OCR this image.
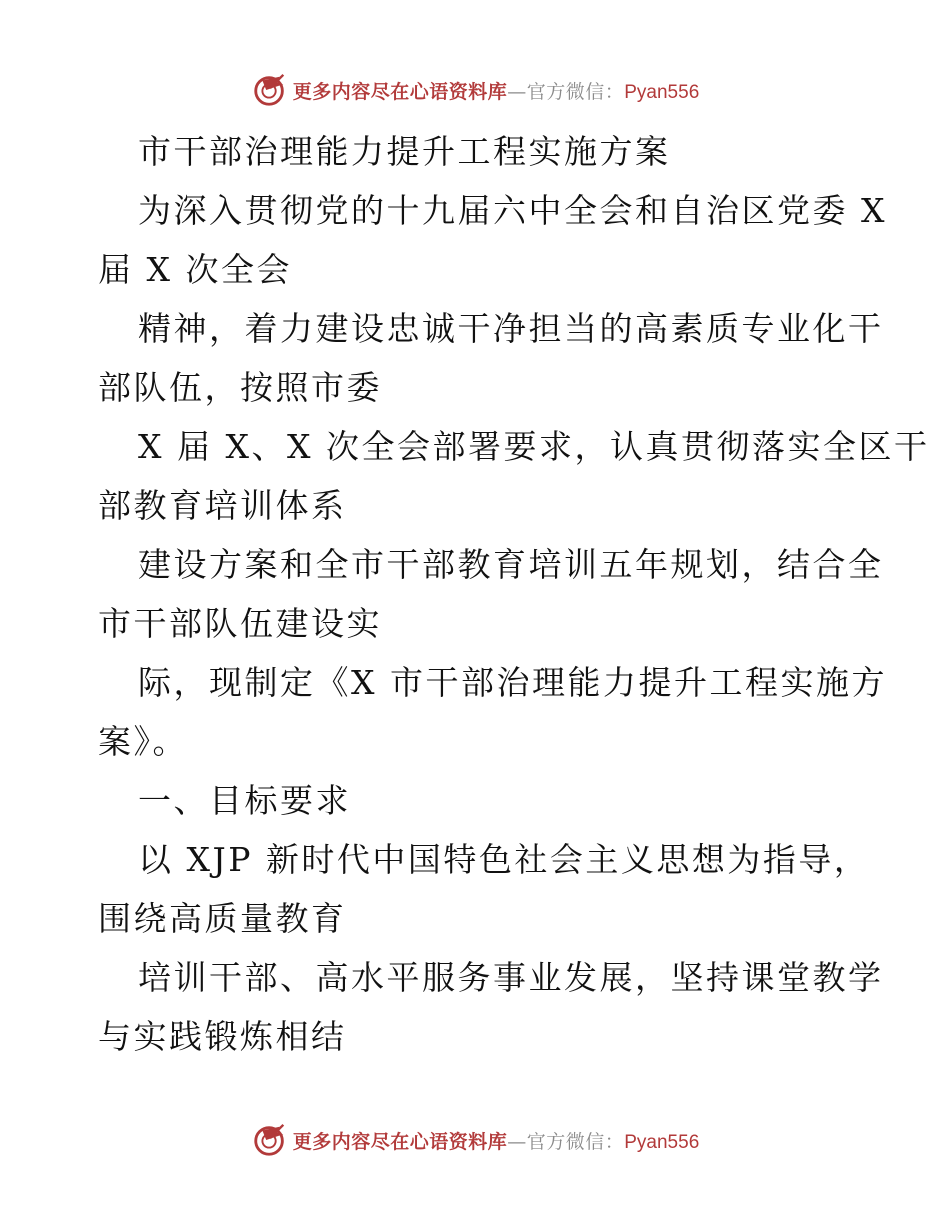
更多内容尽在心语资料库 —官方微信： Pyan556
市干部治理能力提升工程实施方案
为深入贯彻党的十九届六中全会和自治区党委 X
届 X 次全会
精神，着力建设忠诚干净担当的高素质专业化干
部队伍，按照市委
X 届 X、X 次全会部署要求，认真贯彻落实全区干
部教育培训体系
建设方案和全市干部教育培训五年规划，结合全
市干部队伍建设实
际，现制定《X 市干部治理能力提升工程实施方
案》。
一、目标要求
以 XJP 新时代中国特色社会主义思想为指导，
围绕高质量教育
培训干部、高水平服务事业发展，坚持课堂教学
与实践锻炼相结
更多内容尽在心语资料库 —官方微信： Pyan556
